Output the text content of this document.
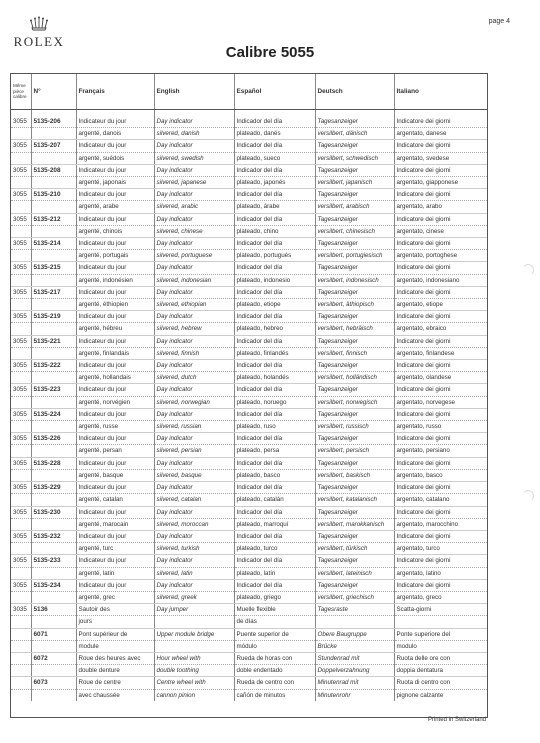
ROLEX
page 4
Calibre 5055
Même pièce calibre	N°	Français	English	Español	Deutsch	Italiano

3055	5135-206	Indicateur du jour	Day indicator	Indicador del día	Tagesanzeiger	Indicatore dei giorni
		argenté, danois	silvered, danish	plateado, danés	versilbert, dänisch	argentato, danese
3055	5135-207	Indicateur du jour	Day indicator	Indicador del día	Tagesanzeiger	Indicatore dei giorni
		argenté, suédois	silvered, swedish	plateado, sueco	versilbert, schwedisch	argentato, svedese
3055	5135-208	Indicateur du jour	Day indicator	Indicador del día	Tagesanzeiger	Indicatore dei giorni
		argenté, japonais	silvered, japanese	plateado, japonés	versilbert, japanisch	argentato, giapponese
3055	5135-210	Indicateur du jour	Day indicator	Indicador del día	Tagesanzeiger	Indicatore dei giorni
		argenté, arabe	silvered, arabic	plateado, árabe	versilbert, arabisch	argentato, arabo
3055	5135-212	Indicateur du jour	Day indicator	Indicador del día	Tagesanzeiger	Indicatore dei giorni
		argenté, chinois	silvered, chinese	plateado, chino	versilbert, chinesisch	argentato, cinese
3055	5135-214	Indicateur du jour	Day indicator	Indicador del día	Tagesanzeiger	Indicatore dei giorni
		argenté, portugais	silvered, portuguese	plateado, portugués	versilbert, portugiesisch	argentato, portoghese
3055	5135-215	Indicateur du jour	Day indicator	Indicador del día	Tagesanzeiger	Indicatore dei giorni
		argenté, indonésien	silvered, indonesian	plateado, indonesio	versilbert, indonesisch	argentato, indonesiano
3055	5135-217	Indicateur du jour	Day indicator	Indicador del día	Tagesanzeiger	Indicatore dei giorni
		argenté, éthiopien	silvered, ethiopian	plateado, etiope	versilbert, äthiopisch	argentato, etiope
3055	5135-219	Indicateur du jour	Day indicator	Indicador del día	Tagesanzeiger	Indicatore dei giorni
		argenté, hébreu	silvered, hebrew	plateado, hebreo	versilbert, hebräisch	argentato, ebraico
3055	5135-221	Indicateur du jour	Day indicator	Indicador del día	Tagesanzeiger	Indicatore dei giorni
		argenté, finlandais	silvered, finnish	plateado, finlandés	versilbert, finnisch	argentato, finlandese
3055	5135-222	Indicateur du jour	Day indicator	Indicador del día	Tagesanzeiger	Indicatore dei giorni
		argenté, hollandais	silvered, dutch	plateado, holandés	versilbert, holländisch	argentato, olandese
3055	5135-223	Indicateur du jour	Day indicator	Indicador del día	Tagesanzeiger	Indicatore dei giorni
		argenté, norvégien	silvered, norwegian	plateado, noruego	versilbert, norwegisch	argentato, norvegese
3055	5135-224	Indicateur du jour	Day indicator	Indicador del día	Tagesanzeiger	Indicatore dei giorni
		argenté, russe	silvered, russian	plateado, ruso	versilbert, russisch	argentato, russo
3055	5135-226	Indicateur du jour	Day indicator	Indicador del día	Tagesanzeiger	Indicatore dei giorni
		argenté, persan	silvered, persian	plateado, persa	versilbert, persisch	argentato, persiano
3055	5135-228	Indicateur du jour	Day indicator	Indicador del día	Tagesanzeiger	Indicatore dei giorni
		argenté, basque	silvered, basque	plateado, basco	versilbert, baskisch	argentato, basco
3055	5135-229	Indicateur du jour	Day indicator	Indicador del día	Tagesanzeiger	Indicatore dei giorni
		argenté, catalan	silvered, catalan	plateado, catalán	versilbert, katalanisch	argentato, catalano
3055	5135-230	Indicateur du jour	Day indicator	Indicador del día	Tagesanzeiger	Indicatore dei giorni
		argenté, marocain	silvered, moroccan	plateado, marroquí	versilbert, marokkanisch	argentato, marocchino
3055	5135-232	Indicateur du jour	Day indicator	Indicador del día	Tagesanzeiger	Indicatore dei giorni
		argenté, turc	silvered, turkish	plateado, turco	versilbert, türkisch	argentato, turco
3055	5135-233	Indicateur du jour	Day indicator	Indicador del día	Tagesanzeiger	Indicatore dei giorni
		argenté, latin	silvered, latin	plateado, latín	versilbert, lateinisch	argentato, latino
3055	5135-234	Indicateur du jour	Day indicator	Indicador del día	Tagesanzeiger	Indicatore dei giorni
		argenté, grec	silvered, greek	plateado, griego	versilbert, griechisch	argentato, greco
3035	5136	Sautoir des	Day jumper	Muelle flexible	Tagesraste	Scatta-giorni
		jours		de días		
	6071	Pont supérieur de	Upper module bridge	Puente superior de	Obere Baugruppe	Ponte superiore del
		module		módulo	Brücke	modulo
	6072	Roue des heures avec	Hour wheel with	Rueda de horas con	Stundenrad mit	Ruota delle ore con
		double denture	double toothing	doble endentado	Doppelverzahnung	doppia dentatura
	6073	Roue de centre	Centre wheel with	Rueda de centro con	Minutenrad mit	Ruota di centro con
		avec chaussée	cannon pinion	cañón de minutos	Minutenrohr	pignone calzante
Printed in Switzerland
